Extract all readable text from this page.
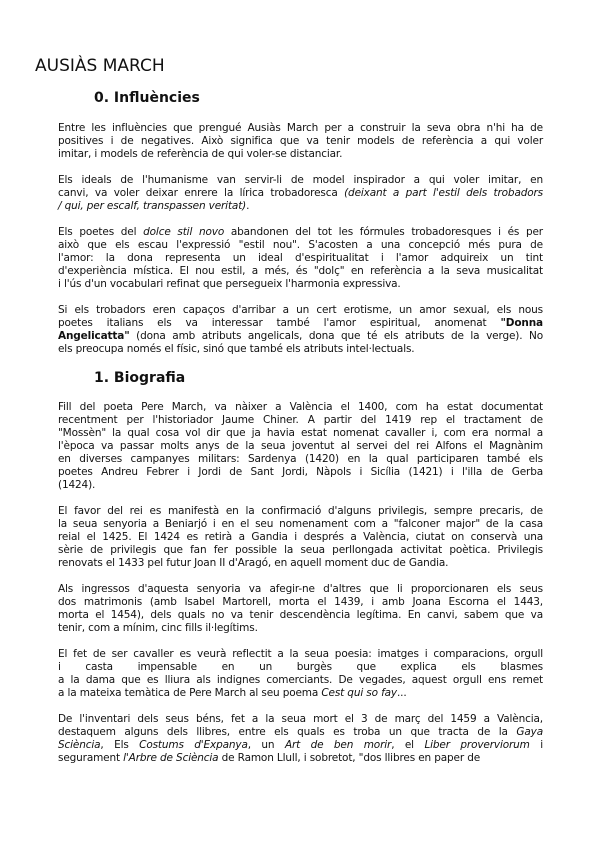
AUSIÀS MARCH
0. Influències
Entre les influències que prengué Ausiàs March per a construir la seva obra n'hi ha de
positives i de negatives. Això significa que va tenir models de referència a qui voler
imitar, i models de referència de qui voler-se distanciar.
Els ideals de l'humanisme van servir-li de model inspirador a qui voler imitar, en
canvi, va voler deixar enrere la lírica trobadoresca (deixant a part l'estil dels trobadors
/ qui, per escalf, transpassen veritat).
Els poetes del dolce stil novo abandonen del tot les fórmules trobadoresques i és per
això que els escau l'expressió "estil nou". S'acosten a una concepció més pura de
l'amor: la dona representa un ideal d'espiritualitat i l'amor adquireix un tint
d'experiència mística. El nou estil, a més, és "dolç" en referència a la seva musicalitat
i l'ús d'un vocabulari refinat que persegueix l'harmonia expressiva.
Si els trobadors eren capaços d'arribar a un cert erotisme, un amor sexual, els nous
poetes italians els va interessar també l'amor espiritual, anomenat "Donna
Angelicatta" (dona amb atributs angelicals, dona que té els atributs de la verge). No
els preocupa només el físic, sinó que també els atributs intel·lectuals.
1. Biografia
Fill del poeta Pere March, va nàixer a València el 1400, com ha estat documentat
recentment per l'historiador Jaume Chiner. A partir del 1419 rep el tractament de
"Mossèn" la qual cosa vol dir que ja havia estat nomenat cavaller i, com era normal a
l'època va passar molts anys de la seua joventut al servei del rei Alfons el Magnànim
en diverses campanyes militars: Sardenya (1420) en la qual participaren també els
poetes Andreu Febrer i Jordi de Sant Jordi, Nàpols i Sicília (1421) i l'illa de Gerba
(1424).
El favor del rei es manifestà en la confirmació d'alguns privilegis, sempre precaris, de
la seua senyoria a Beniarjó i en el seu nomenament com a "falconer major" de la casa
reial el 1425. El 1424 es retirà a Gandia i després a València, ciutat on conservà una
sèrie de privilegis que fan fer possible la seua perllongada activitat poètica. Privilegis
renovats el 1433 pel futur Joan II d'Aragó, en aquell moment duc de Gandia.
Als ingressos d'aquesta senyoria va afegir-ne d'altres que li proporcionaren els seus
dos matrimonis (amb Isabel Martorell, morta el 1439, i amb Joana Escorna el 1443,
morta el 1454), dels quals no va tenir descendència legítima. En canvi, sabem que va
tenir, com a mínim, cinc fills il·legítims.
El fet de ser cavaller es veurà reflectit a la seua poesia: imatges i comparacions, orgull
i casta impensable en un burgès que explica els blasmes
a la dama que es lliura als indignes comerciants. De vegades, aquest orgull ens remet
a la mateixa temàtica de Pere March al seu poema Cest qui so fay...
De l'inventari dels seus béns, fet a la seua mort el 3 de març del 1459 a València,
destaquem alguns dels llibres, entre els quals es troba un que tracta de la Gaya
Sciència, Els Costums d'Expanya, un Art de ben morir, el Liber proverviorum i
segurament l'Arbre de Sciència de Ramon Llull, i sobretot, "dos llibres en paper de
